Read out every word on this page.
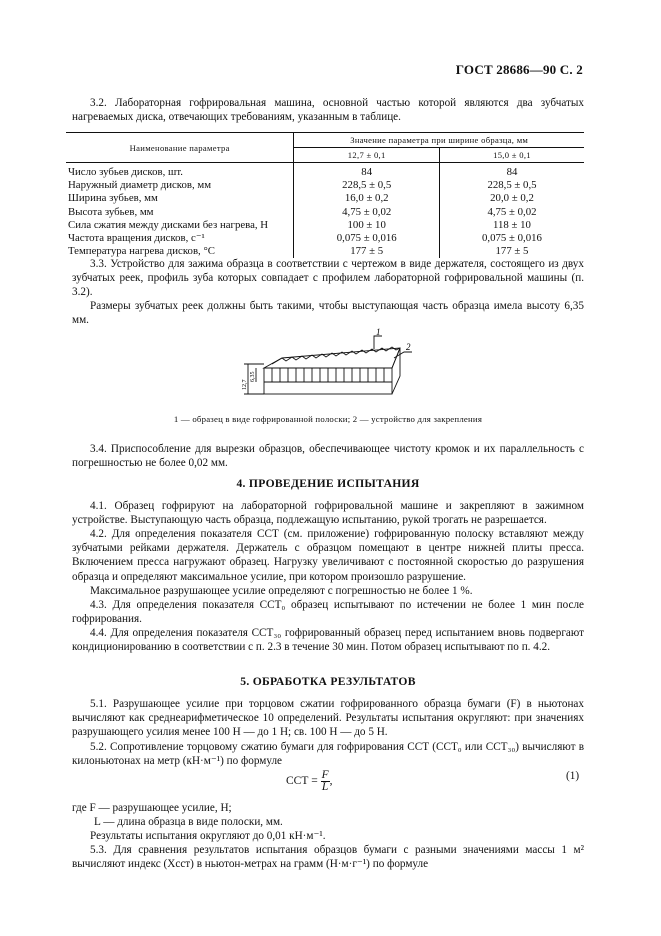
ГОСТ 28686—90 С. 2
3.2. Лабораторная гофрировальная машина, основной частью которой являются два зубчатых нагреваемых диска, отвечающих требованиям, указанным в таблице.
Наименование параметра	Значение параметра при ширине образца, мм	
	12,7 ± 0,1	15,0 ± 0,1
Число зубьев дисков, шт.	84	84
Наружный диаметр дисков, мм	228,5 ± 0,5	228,5 ± 0,5
Ширина зубьев, мм	16,0 ± 0,2	20,0 ± 0,2
Высота зубьев, мм	4,75 ± 0,02	4,75 ± 0,02
Сила сжатия между дисками без нагрева, Н	100 ± 10	118 ± 10
Частота вращения дисков, с⁻¹	0,075 ± 0,016	0,075 ± 0,016
Температура нагрева дисков, °С	177 ± 5	177 ± 5
3.3. Устройство для зажима образца в соответствии с чертежом в виде держателя, состоящего из двух зубчатых реек, профиль зуба которых совпадает с профилем лабораторной гофрировальной машины (п. 3.2).
Размеры зубчатых реек должны быть такими, чтобы выступающая часть образца имела высоту 6,35 мм.
1
2
12,7
6,35
1 — образец в виде гофрированной полоски; 2 — устройство для закрепления
3.4. Приспособление для вырезки образцов, обеспечивающее чистоту кромок и их параллельность с погрешностью не более 0,02 мм.
4. ПРОВЕДЕНИЕ ИСПЫТАНИЯ
4.1. Образец гофрируют на лабораторной гофрировальной машине и закрепляют в зажимном устройстве. Выступающую часть образца, подлежащую испытанию, рукой трогать не разрешается.
4.2. Для определения показателя ССТ (см. приложение) гофрированную полоску вставляют между зубчатыми рейками держателя. Держатель с образцом помещают в центре нижней плиты пресса. Включением пресса нагружают образец. Нагрузку увеличивают с постоянной скоростью до разрушения образца и определяют максимальное усилие, при котором произошло разрушение.
Максимальное разрушающее усилие определяют с погрешностью не более 1 %.
4.3. Для определения показателя ССТ₀ образец испытывают по истечении не более 1 мин после гофрирования.
4.4. Для определения показателя ССТ₃₀ гофрированный образец перед испытанием вновь подвергают кондиционированию в соответствии с п. 2.3 в течение 30 мин. Потом образец испытывают по п. 4.2.
5. ОБРАБОТКА РЕЗУЛЬТАТОВ
5.1. Разрушающее усилие при торцовом сжатии гофрированного образца бумаги (F) в ньютонах вычисляют как среднеарифметическое 10 определений. Результаты испытания округляют: при значениях разрушающего усилия менее 100 Н — до 1 Н; св. 100 Н — до 5 Н.
5.2. Сопротивление торцовому сжатию бумаги для гофрирования ССТ (ССТ₀ или ССТ₃₀) вычисляют в килоньютонах на метр (кН·м⁻¹) по формуле
ССТ = $\frac{F}{L}$ ,	(1)
где F — разрушающее усилие, Н;
L — длина образца в виде полоски, мм.
Результаты испытания округляют до 0,01 кН·м⁻¹.
5.3. Для сравнения результатов испытания образцов бумаги с разными значениями массы 1 м² вычисляют индекс (Xссᴛ) в ньютон-метрах на грамм (Н·м·г⁻¹) по формуле
